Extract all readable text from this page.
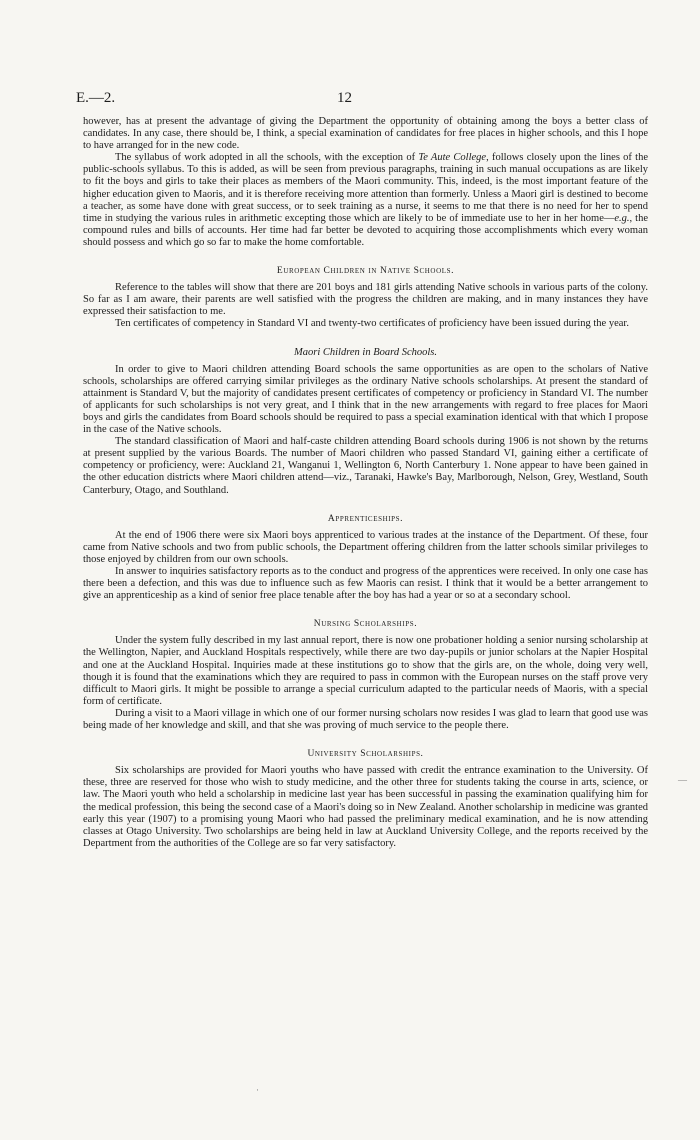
E.—2.	12

however, has at present the advantage of giving the Department the opportunity of obtaining among the boys a better class of candidates. In any case, there should be, I think, a special examination of candidates for free places in higher schools, and this I hope to have arranged for in the new code.

The syllabus of work adopted in all the schools, with the exception of Te Aute College, follows closely upon the lines of the public-schools syllabus. To this is added, as will be seen from previous paragraphs, training in such manual occupations as are likely to fit the boys and girls to take their places as members of the Maori community. This, indeed, is the most important feature of the higher education given to Maoris, and it is therefore receiving more attention than formerly. Unless a Maori girl is destined to become a teacher, as some have done with great success, or to seek training as a nurse, it seems to me that there is no need for her to spend time in studying the various rules in arithmetic excepting those which are likely to be of immediate use to her in her home—e.g., the compound rules and bills of accounts. Her time had far better be devoted to acquiring those accomplishments which every woman should possess and which go so far to make the home comfortable.

European Children in Native Schools.

Reference to the tables will show that there are 201 boys and 181 girls attending Native schools in various parts of the colony. So far as I am aware, their parents are well satisfied with the progress the children are making, and in many instances they have expressed their satisfaction to me.

Ten certificates of competency in Standard VI and twenty-two certificates of proficiency have been issued during the year.

Maori Children in Board Schools.

In order to give to Maori children attending Board schools the same opportunities as are open to the scholars of Native schools, scholarships are offered carrying similar privileges as the ordinary Native schools scholarships. At present the standard of attainment is Standard V, but the majority of candidates present certificates of competency or proficiency in Standard VI. The number of applicants for such scholarships is not very great, and I think that in the new arrangements with regard to free places for Maori boys and girls the candidates from Board schools should be required to pass a special examination identical with that which I propose in the case of the Native schools.

The standard classification of Maori and half-caste children attending Board schools during 1906 is not shown by the returns at present supplied by the various Boards. The number of Maori children who passed Standard VI, gaining either a certificate of competency or proficiency, were: Auckland 21, Wanganui 1, Wellington 6, North Canterbury 1. None appear to have been gained in the other education districts where Maori children attend—viz., Taranaki, Hawke's Bay, Marlborough, Nelson, Grey, Westland, South Canterbury, Otago, and Southland.

Apprenticeships.

At the end of 1906 there were six Maori boys apprenticed to various trades at the instance of the Department. Of these, four came from Native schools and two from public schools, the Department offering children from the latter schools similar privileges to those enjoyed by children from our own schools.

In answer to inquiries satisfactory reports as to the conduct and progress of the apprentices were received. In only one case has there been a defection, and this was due to influence such as few Maoris can resist. I think that it would be a better arrangement to give an apprenticeship as a kind of senior free place tenable after the boy has had a year or so at a secondary school.

Nursing Scholarships.

Under the system fully described in my last annual report, there is now one probationer holding a senior nursing scholarship at the Wellington, Napier, and Auckland Hospitals respectively, while there are two day-pupils or junior scholars at the Napier Hospital and one at the Auckland Hospital. Inquiries made at these institutions go to show that the girls are, on the whole, doing very well, though it is found that the examinations which they are required to pass in common with the European nurses on the staff prove very difficult to Maori girls. It might be possible to arrange a special curriculum adapted to the particular needs of Maoris, with a special form of certificate.

During a visit to a Maori village in which one of our former nursing scholars now resides I was glad to learn that good use was being made of her knowledge and skill, and that she was proving of much service to the people there.

University Scholarships.

Six scholarships are provided for Maori youths who have passed with credit the entrance examination to the University. Of these, three are reserved for those who wish to study medicine, and the other three for students taking the course in arts, science, or law. The Maori youth who held a scholarship in medicine last year has been successful in passing the examination qualifying him for the medical profession, this being the second case of a Maori's doing so in New Zealand. Another scholarship in medicine was granted early this year (1907) to a promising young Maori who had passed the preliminary medical examination, and he is now attending classes at Otago University. Two scholarships are being held in law at Auckland University College, and the reports received by the Department from the authorities of the College are so far very satisfactory.

—
·
